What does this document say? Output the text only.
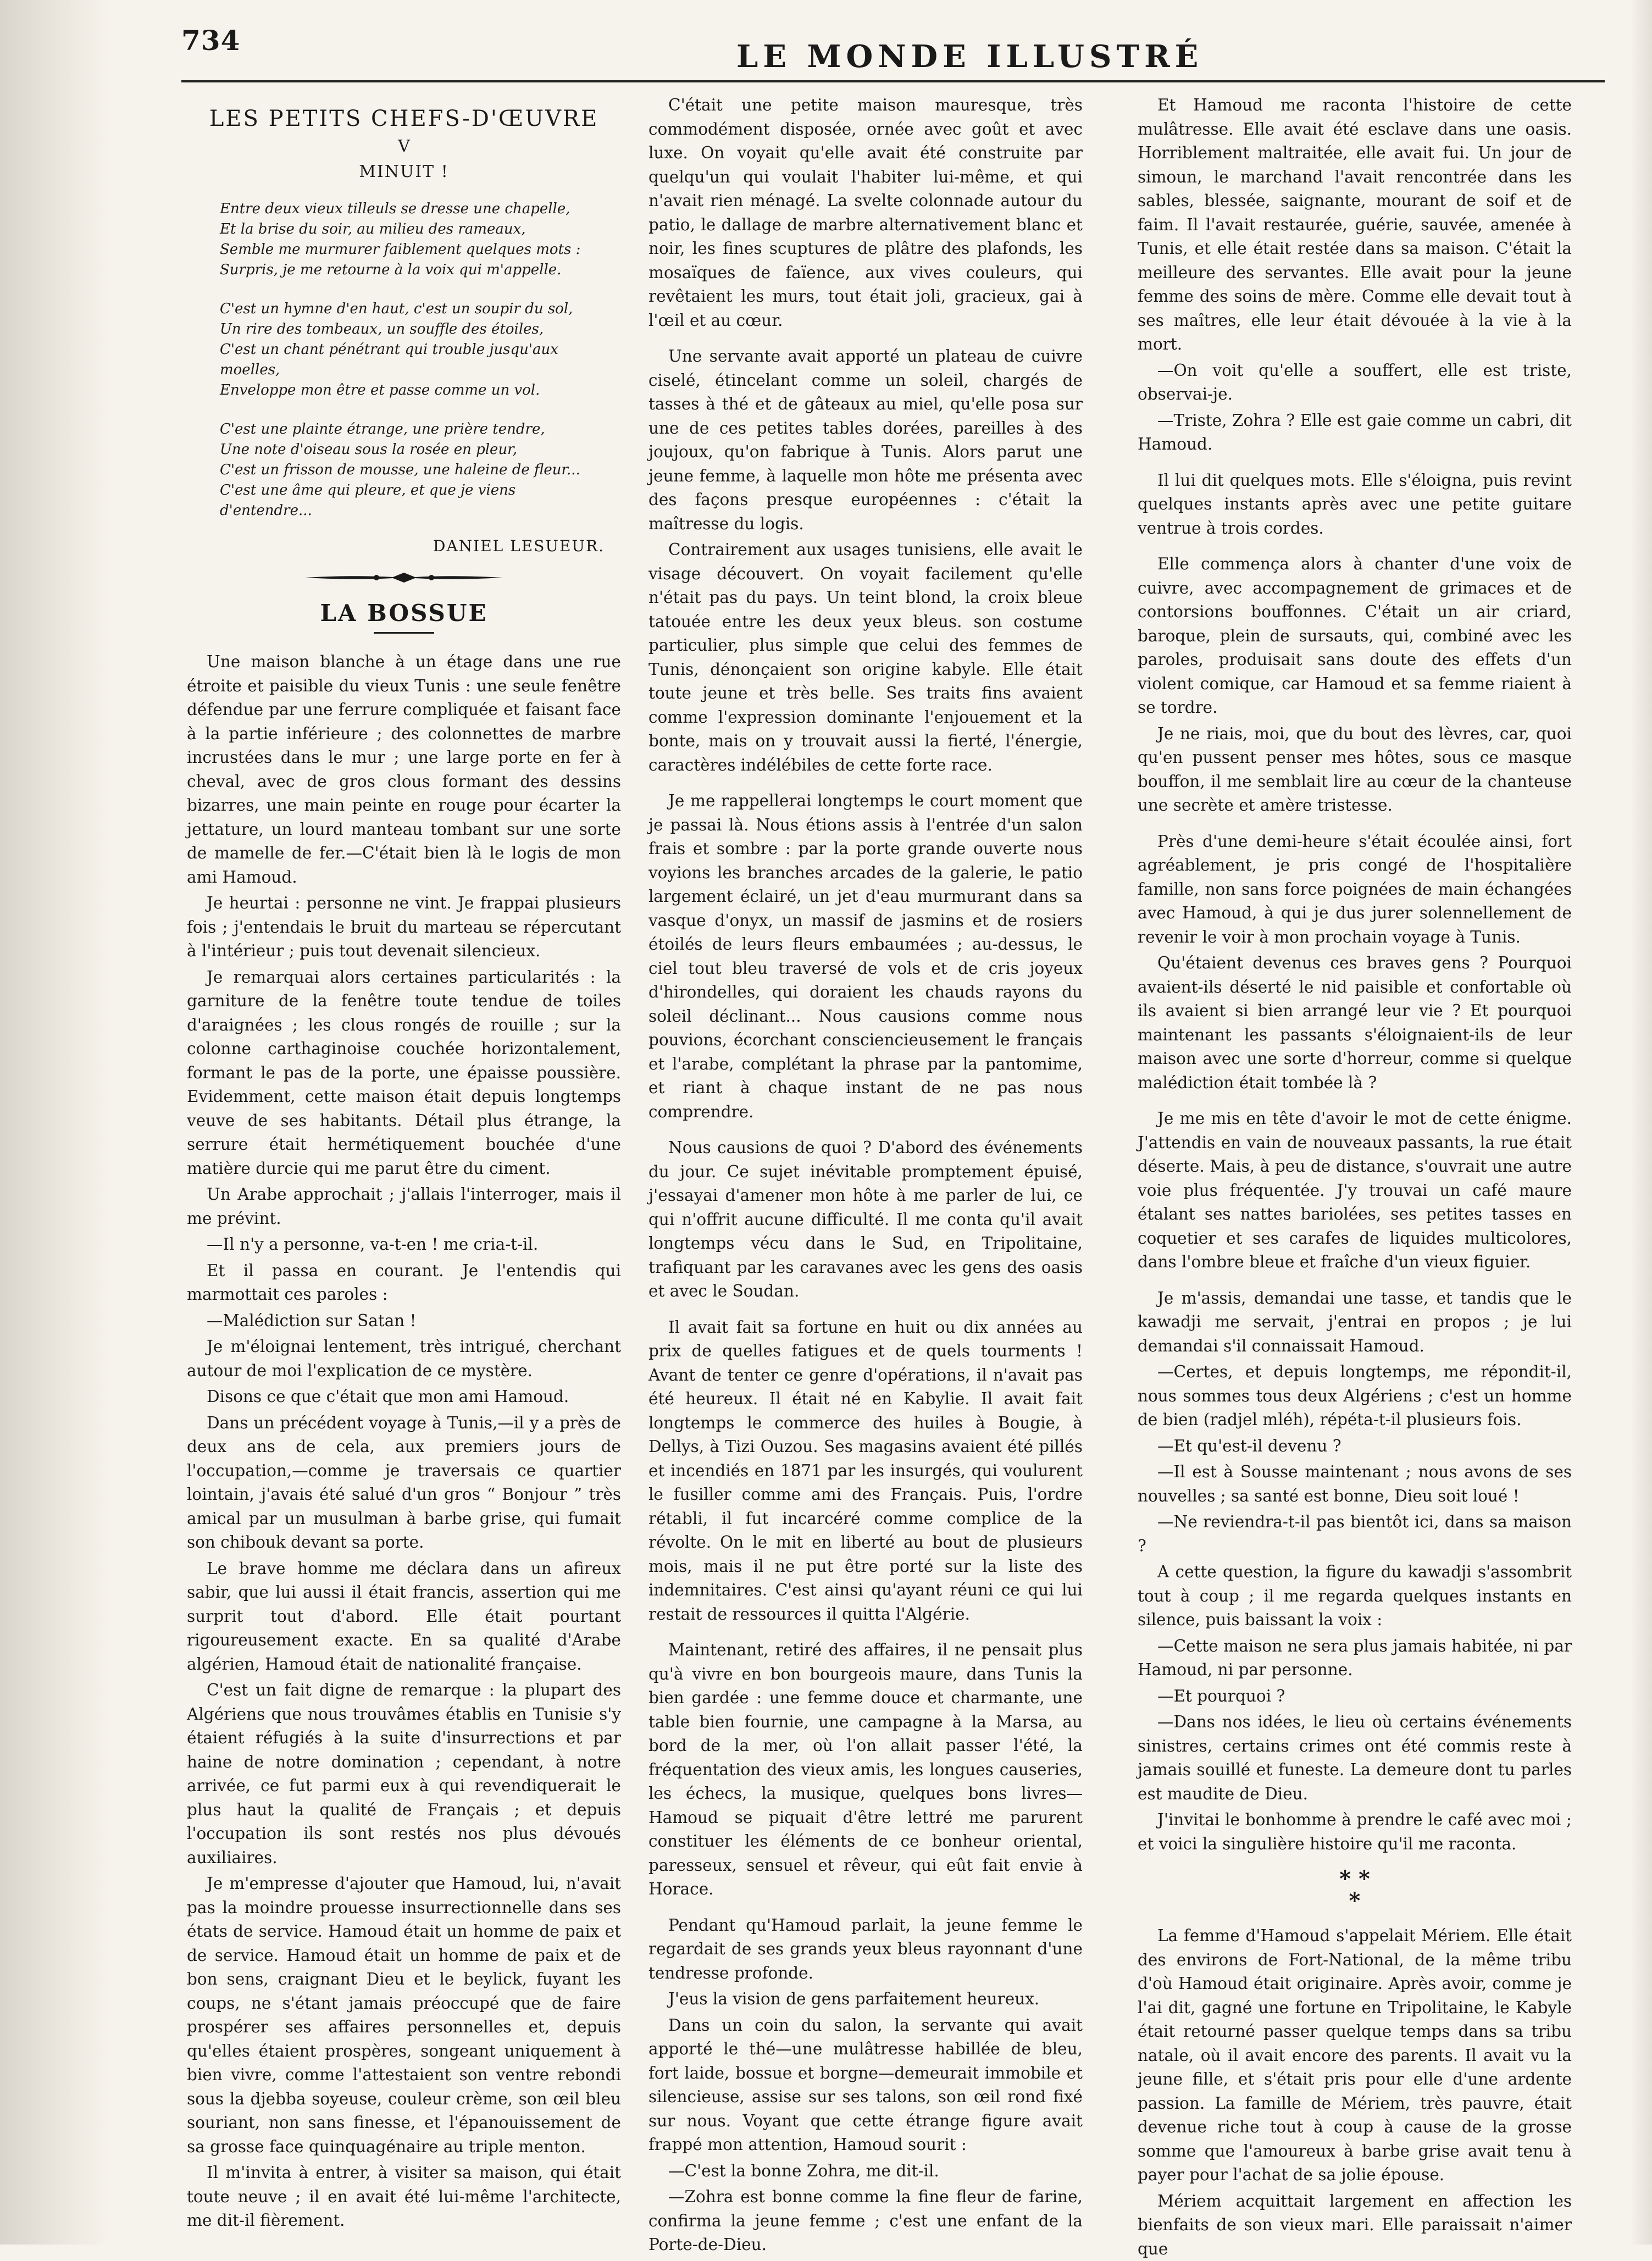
734	LE MONDE ILLUSTRÉ
LES PETITS CHEFS-D'ŒUVRE
V
MINUIT !
Entre deux vieux tilleuls se dresse une chapelle,
Et la brise du soir, au milieu des rameaux,
Semble me murmurer faiblement quelques mots :
Surpris, je me retourne à la voix qui m'appelle.
C'est un hymne d'en haut, c'est un soupir du sol,
Un rire des tombeaux, un souffle des étoiles,
C'est un chant pénétrant qui trouble jusqu'aux moelles,
Enveloppe mon être et passe comme un vol.
C'est une plainte étrange, une prière tendre,
Une note d'oiseau sous la rosée en pleur,
C'est un frisson de mousse, une haleine de fleur...
C'est une âme qui pleure, et que je viens d'entendre...
DANIEL LESUEUR.
LA BOSSUE

Une maison blanche à un étage dans une rue étroite et paisible du vieux Tunis : une seule fenêtre défendue par une ferrure compliquée et faisant face à la partie inférieure ; des colonnettes de marbre incrustées dans le mur ; une large porte en fer à cheval, avec de gros clous formant des dessins bizarres, une main peinte en rouge pour écarter la jettature, un lourd manteau tombant sur une sorte de mamelle de fer.—C'était bien là le logis de mon ami Hamoud.

Je heurtai : personne ne vint. Je frappai plusieurs fois ; j'entendais le bruit du marteau se répercutant à l'intérieur ; puis tout devenait silencieux.

Je remarquai alors certaines particularités : la garniture de la fenêtre toute tendue de toiles d'araignées ; les clous rongés de rouille ; sur la colonne carthaginoise couchée horizontalement, formant le pas de la porte, une épaisse poussière. Evidemment, cette maison était depuis longtemps veuve de ses habitants. Détail plus étrange, la serrure était hermétiquement bouchée d'une matière durcie qui me parut être du ciment.

Un Arabe approchait ; j'allais l'interroger, mais il me prévint.

—Il n'y a personne, va-t-en ! me cria-t-il.

Et il passa en courant. Je l'entendis qui marmottait ces paroles :

—Malédiction sur Satan !

Je m'éloignai lentement, très intrigué, cherchant autour de moi l'explication de ce mystère.

Disons ce que c'était que mon ami Hamoud.

Dans un précédent voyage à Tunis,—il y a près de deux ans de cela, aux premiers jours de l'occupation,—comme je traversais ce quartier lointain, j'avais été salué d'un gros “ Bonjour ” très amical par un musulman à barbe grise, qui fumait son chibouk devant sa porte.

Le brave homme me déclara dans un afireux sabir, que lui aussi il était francis, assertion qui me surprit tout d'abord. Elle était pourtant rigoureusement exacte. En sa qualité d'Arabe algérien, Hamoud était de nationalité française.

C'est un fait digne de remarque : la plupart des Algériens que nous trouvâmes établis en Tunisie s'y étaient réfugiés à la suite d'insurrections et par haine de notre domination ; cependant, à notre arrivée, ce fut parmi eux à qui revendiquerait le plus haut la qualité de Français ; et depuis l'occupation ils sont restés nos plus dévoués auxiliaires.

Je m'empresse d'ajouter que Hamoud, lui, n'avait pas la moindre prouesse insurrectionnelle dans ses états de service. Hamoud était un homme de paix et de service. Hamoud était un homme de paix et de bon sens, craignant Dieu et le beylick, fuyant les coups, ne s'étant jamais préoccupé que de faire prospérer ses affaires personnelles et, depuis qu'elles étaient prospères, songeant uniquement à bien vivre, comme l'attestaient son ventre rebondi sous la djebba soyeuse, couleur crème, son œil bleu souriant, non sans finesse, et l'épanouissement de sa grosse face quinquagénaire au triple menton.

Il m'invita à entrer, à visiter sa maison, qui était toute neuve ; il en avait été lui-même l'architecte, me dit-il fièrement.

C'était une petite maison mauresque, très commodément disposée, ornée avec goût et avec luxe. On voyait qu'elle avait été construite par quelqu'un qui voulait l'habiter lui-même, et qui n'avait rien ménagé. La svelte colonnade autour du patio, le dallage de marbre alternativement blanc et noir, les fines scuptures de plâtre des plafonds, les mosaïques de faïence, aux vives couleurs, qui revêtaient les murs, tout était joli, gracieux, gai à l'œil et au cœur.

Une servante avait apporté un plateau de cuivre ciselé, étincelant comme un soleil, chargés de tasses à thé et de gâteaux au miel, qu'elle posa sur une de ces petites tables dorées, pareilles à des joujoux, qu'on fabrique à Tunis. Alors parut une jeune femme, à laquelle mon hôte me présenta avec des façons presque européennes : c'était la maîtresse du logis.

Contrairement aux usages tunisiens, elle avait le visage découvert. On voyait facilement qu'elle n'était pas du pays. Un teint blond, la croix bleue tatouée entre les deux yeux bleus. son costume particulier, plus simple que celui des femmes de Tunis, dénonçaient son origine kabyle. Elle était toute jeune et très belle. Ses traits fins avaient comme l'expression dominante l'enjouement et la bonte, mais on y trouvait aussi la fierté, l'énergie, caractères indélébiles de cette forte race.

Je me rappellerai longtemps le court moment que je passai là. Nous étions assis à l'entrée d'un salon frais et sombre : par la porte grande ouverte nous voyions les branches arcades de la galerie, le patio largement éclairé, un jet d'eau murmurant dans sa vasque d'onyx, un massif de jasmins et de rosiers étoilés de leurs fleurs embaumées ; au-dessus, le ciel tout bleu traversé de vols et de cris joyeux d'hirondelles, qui doraient les chauds rayons du soleil déclinant... Nous causions comme nous pouvions, écorchant consciencieusement le français et l'arabe, complétant la phrase par la pantomime, et riant à chaque instant de ne pas nous comprendre.

Nous causions de quoi ? D'abord des événements du jour. Ce sujet inévitable promptement épuisé, j'essayai d'amener mon hôte à me parler de lui, ce qui n'offrit aucune difficulté. Il me conta qu'il avait longtemps vécu dans le Sud, en Tripolitaine, trafiquant par les caravanes avec les gens des oasis et avec le Soudan.

Il avait fait sa fortune en huit ou dix années au prix de quelles fatigues et de quels tourments ! Avant de tenter ce genre d'opérations, il n'avait pas été heureux. Il était né en Kabylie. Il avait fait longtemps le commerce des huiles à Bougie, à Dellys, à Tizi Ouzou. Ses magasins avaient été pillés et incendiés en 1871 par les insurgés, qui voulurent le fusiller comme ami des Français. Puis, l'ordre rétabli, il fut incarcéré comme complice de la révolte. On le mit en liberté au bout de plusieurs mois, mais il ne put être porté sur la liste des indemnitaires. C'est ainsi qu'ayant réuni ce qui lui restait de ressources il quitta l'Algérie.

Maintenant, retiré des affaires, il ne pensait plus qu'à vivre en bon bourgeois maure, dans Tunis la bien gardée : une femme douce et charmante, une table bien fournie, une campagne à la Marsa, au bord de la mer, où l'on allait passer l'été, la fréquentation des vieux amis, les longues causeries, les échecs, la musique, quelques bons livres—Hamoud se piquait d'être lettré me parurent constituer les éléments de ce bonheur oriental, paresseux, sensuel et rêveur, qui eût fait envie à Horace.

Pendant qu'Hamoud parlait, la jeune femme le regardait de ses grands yeux bleus rayonnant d'une tendresse profonde.

J'eus la vision de gens parfaitement heureux.

Dans un coin du salon, la servante qui avait apporté le thé—une mulâtresse habillée de bleu, fort laide, bossue et borgne—demeurait immobile et silencieuse, assise sur ses talons, son œil rond fixé sur nous. Voyant que cette étrange figure avait frappé mon attention, Hamoud sourit :

—C'est la bonne Zohra, me dit-il.

—Zohra est bonne comme la fine fleur de farine, confirma la jeune femme ; c'est une enfant de la Porte-de-Dieu.

Et Hamoud me raconta l'histoire de cette mulâtresse. Elle avait été esclave dans une oasis. Horriblement maltraitée, elle avait fui. Un jour de simoun, le marchand l'avait rencontrée dans les sables, blessée, saignante, mourant de soif et de faim. Il l'avait restaurée, guérie, sauvée, amenée à Tunis, et elle était restée dans sa maison. C'était la meilleure des servantes. Elle avait pour la jeune femme des soins de mère. Comme elle devait tout à ses maîtres, elle leur était dévouée à la vie à la mort.

—On voit qu'elle a souffert, elle est triste, observai-je.

—Triste, Zohra ? Elle est gaie comme un cabri, dit Hamoud.

Il lui dit quelques mots. Elle s'éloigna, puis revint quelques instants après avec une petite guitare ventrue à trois cordes.

Elle commença alors à chanter d'une voix de cuivre, avec accompagnement de grimaces et de contorsions bouffonnes. C'était un air criard, baroque, plein de sursauts, qui, combiné avec les paroles, produisait sans doute des effets d'un violent comique, car Hamoud et sa femme riaient à se tordre.

Je ne riais, moi, que du bout des lèvres, car, quoi qu'en pussent penser mes hôtes, sous ce masque bouffon, il me semblait lire au cœur de la chanteuse une secrète et amère tristesse.

Près d'une demi-heure s'était écoulée ainsi, fort agréablement, je pris congé de l'hospitalière famille, non sans force poignées de main échangées avec Hamoud, à qui je dus jurer solennellement de revenir le voir à mon prochain voyage à Tunis.

Qu'étaient devenus ces braves gens ? Pourquoi avaient-ils déserté le nid paisible et confortable où ils avaient si bien arrangé leur vie ? Et pourquoi maintenant les passants s'éloignaient-ils de leur maison avec une sorte d'horreur, comme si quelque malédiction était tombée là ?

Je me mis en tête d'avoir le mot de cette énigme. J'attendis en vain de nouveaux passants, la rue était déserte. Mais, à peu de distance, s'ouvrait une autre voie plus fréquentée. J'y trouvai un café maure étalant ses nattes bariolées, ses petites tasses en coquetier et ses carafes de liquides multicolores, dans l'ombre bleue et fraîche d'un vieux figuier.

Je m'assis, demandai une tasse, et tandis que le kawadji me servait, j'entrai en propos ; je lui demandai s'il connaissait Hamoud.

—Certes, et depuis longtemps, me répondit-il, nous sommes tous deux Algériens ; c'est un homme de bien (radjel mléh), répéta-t-il plusieurs fois.

—Et qu'est-il devenu ?

—Il est à Sousse maintenant ; nous avons de ses nouvelles ; sa santé est bonne, Dieu soit loué !

—Ne reviendra-t-il pas bientôt ici, dans sa maison ?

A cette question, la figure du kawadji s'assombrit tout à coup ; il me regarda quelques instants en silence, puis baissant la voix :

—Cette maison ne sera plus jamais habitée, ni par Hamoud, ni par personne.

—Et pourquoi ?

—Dans nos idées, le lieu où certains événements sinistres, certains crimes ont été commis reste à jamais souillé et funeste. La demeure dont tu parles est maudite de Dieu.

J'invitai le bonhomme à prendre le café avec moi ; et voici la singulière histoire qu'il me raconta.

* *
*

La femme d'Hamoud s'appelait Mériem. Elle était des environs de Fort-National, de la même tribu d'où Hamoud était originaire. Après avoir, comme je l'ai dit, gagné une fortune en Tripolitaine, le Kabyle était retourné passer quelque temps dans sa tribu natale, où il avait encore des parents. Il avait vu la jeune fille, et s'était pris pour elle d'une ardente passion. La famille de Mériem, très pauvre, était devenue riche tout à coup à cause de la grosse somme que l'amoureux à barbe grise avait tenu à payer pour l'achat de sa jolie épouse.

Mériem acquittait largement en affection les bienfaits de son vieux mari. Elle paraissait n'aimer que
